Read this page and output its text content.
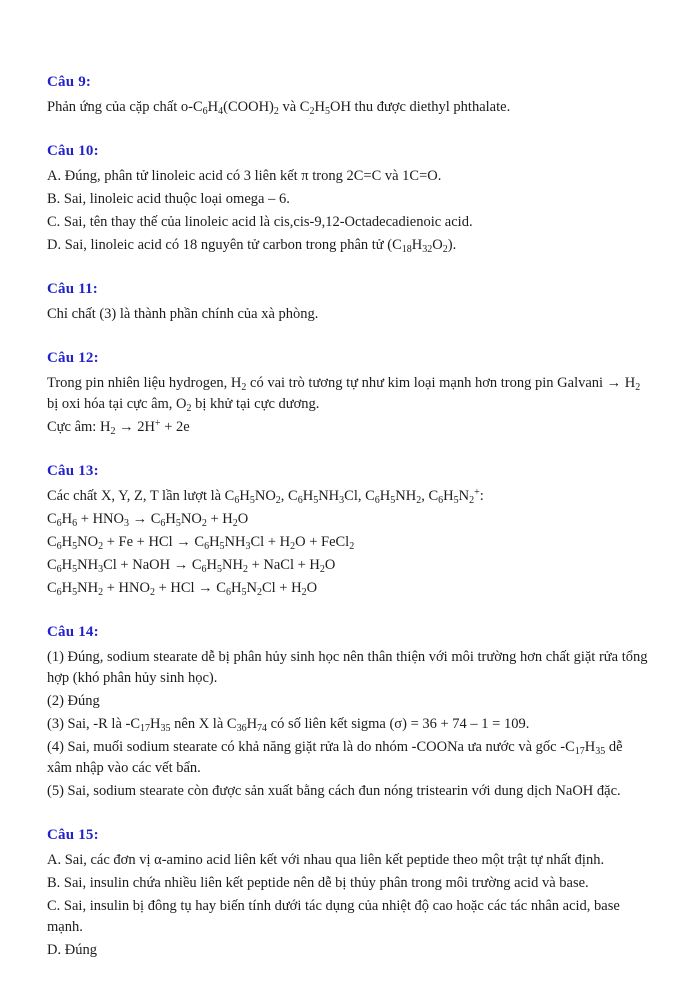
Câu 9:

Phản ứng của cặp chất $o-C_6H_4(COOH)_2$ và $C_2H_5OH$ thu được diethyl phthalate.

Câu 10:

A. Đúng, phân tử linoleic acid có 3 liên kết π trong 2C=C và 1C=O.

B. Sai, linoleic acid thuộc loại omega – 6.

C. Sai, tên thay thế của linoleic acid là cis,cis-9,12-Octadecadienoic acid.

D. Sai, linoleic acid có 18 nguyên tử carbon trong phân tử $(C_{18}H_{32}O_2)$.

Câu 11:

Chỉ chất (3) là thành phần chính của xà phòng.

Câu 12:

Trong pin nhiên liệu hydrogen, $H_2$ có vai trò tương tự như kim loại mạnh hơn trong pin Galvani → $H_2$ bị oxi hóa tại cực âm, $O_2$ bị khử tại cực dương.

Cực âm: $H_2 \to 2H^+ + 2e$

Câu 13:

Các chất X, Y, Z, T lần lượt là $C_6H_5NO_2$, $C_6H_5NH_3Cl$, $C_6H_5NH_2$, $C_6H_5N_2^+$:

$C_6H_6 + HNO_3 \to C_6H_5NO_2 + H_2O$

$C_6H_5NO_2 + Fe$ + HCl → $C_6H_5NH_3Cl + H_2O$ + FeCl$_2$

$C_6H_5NH_3Cl$ + NaOH → $C_6H_5NH_2$ + NaCl + $H_2O$

$C_6H_5NH_2 + HNO_2$ + HCl → $C_6H_5N_2Cl + H_2O$

Câu 14:

(1) Đúng, sodium stearate dễ bị phân hủy sinh học nên thân thiện với môi trường hơn chất giặt rửa tổng hợp (khó phân hủy sinh học).

(2) Đúng

(3) Sai, -R là $-C_{17}H_{35}$ nên X là $C_{36}H_{74}$ có số liên kết sigma (σ) = 36 + 74 – 1 = 109.

(4) Sai, muối sodium stearate có khả năng giặt rửa là do nhóm -COONa ưa nước và gốc $-C_{17}H_{35}$ dễ xâm nhập vào các vết bẩn.

(5) Sai, sodium stearate còn được sản xuất bằng cách đun nóng tristearin với dung dịch NaOH đặc.

Câu 15:

A. Sai, các đơn vị α-amino acid liên kết với nhau qua liên kết peptide theo một trật tự nhất định.

B. Sai, insulin chứa nhiều liên kết peptide nên dễ bị thủy phân trong môi trường acid và base.

C. Sai, insulin bị đông tụ hay biến tính dưới tác dụng của nhiệt độ cao hoặc các tác nhân acid, base mạnh.

D. Đúng
